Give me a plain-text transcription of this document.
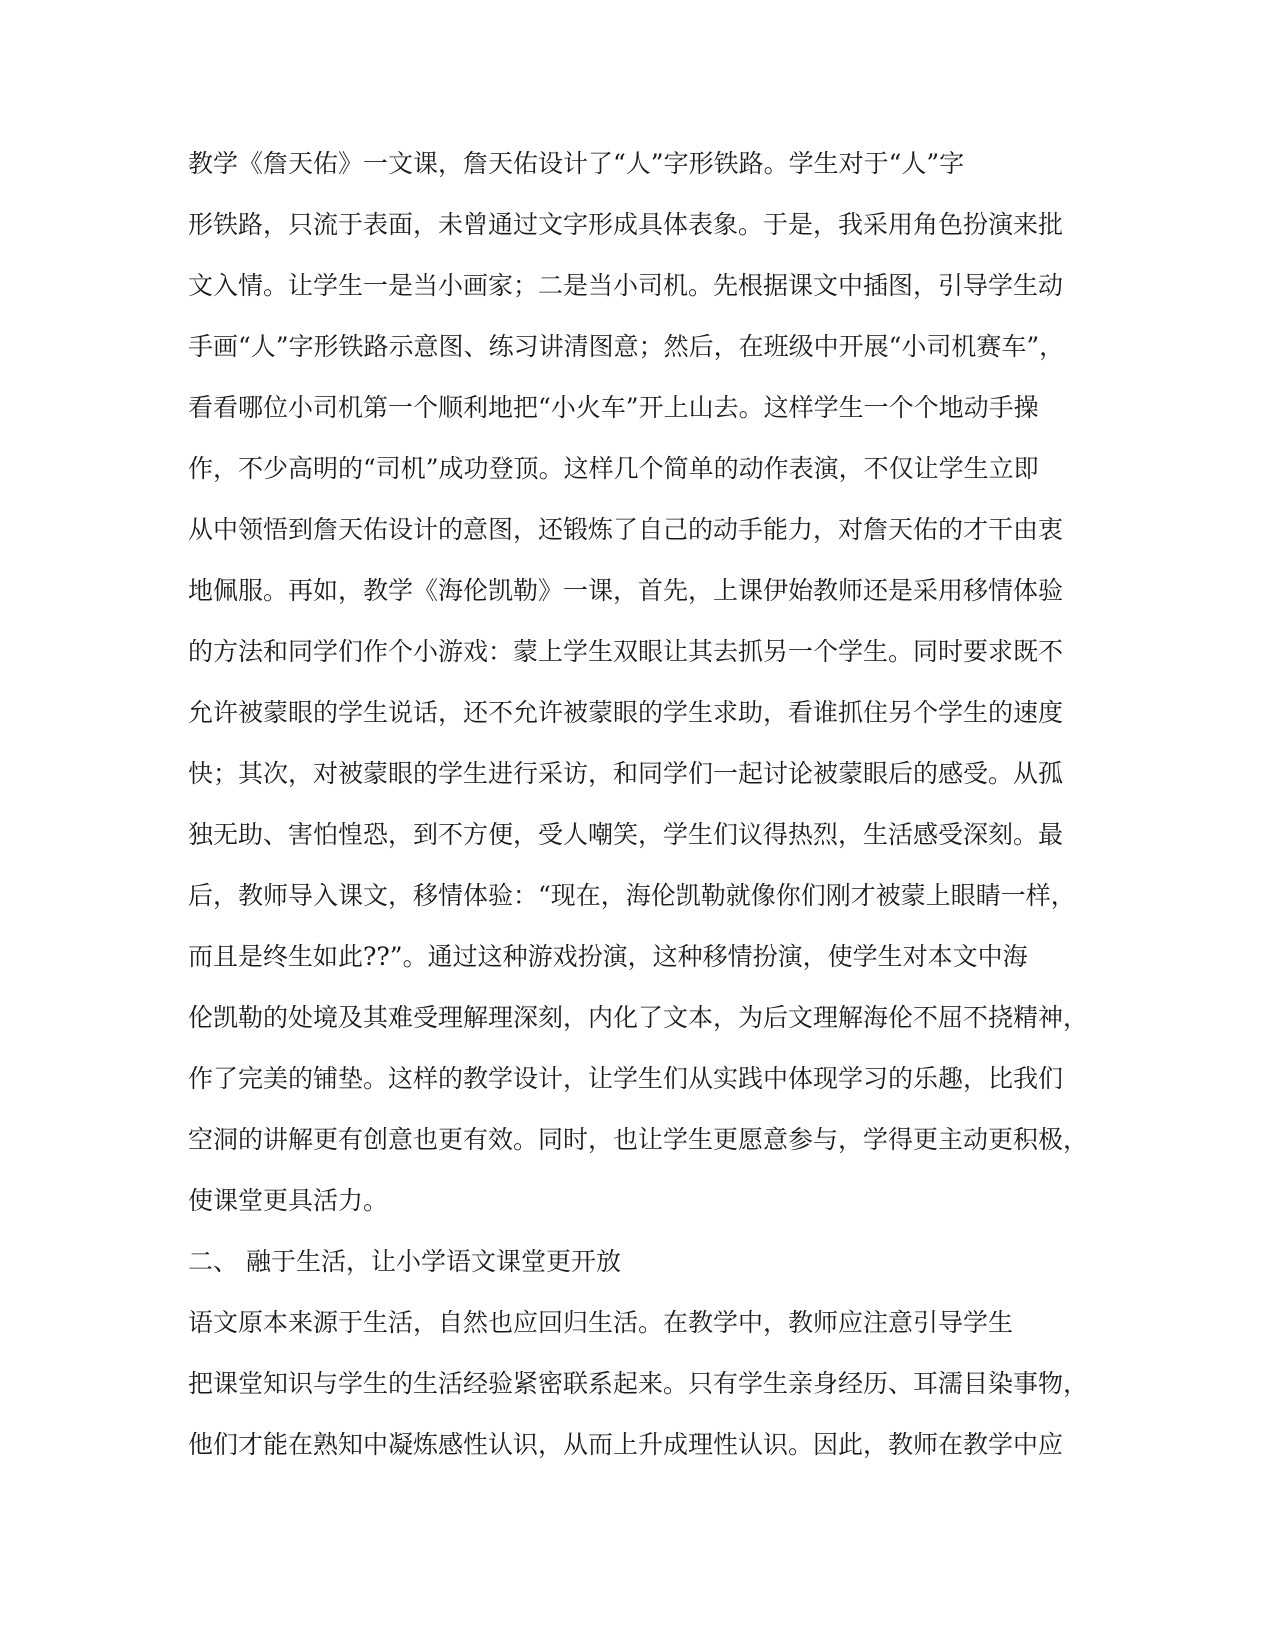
教学《詹天佑》一文课，詹天佑设计了“人”字形铁路。学生对于“人”字
形铁路，只流于表面，未曾通过文字形成具体表象。于是，我采用角色扮演来批
文入情。让学生一是当小画家；二是当小司机。先根据课文中插图，引导学生动
手画“人”字形铁路示意图、练习讲清图意；然后，在班级中开展“小司机赛车”，
看看哪位小司机第一个顺利地把“小火车”开上山去。这样学生一个个地动手操
作，不少高明的“司机”成功登顶。这样几个简单的动作表演，不仅让学生立即
从中领悟到詹天佑设计的意图，还锻炼了自己的动手能力，对詹天佑的才干由衷
地佩服。再如，教学《海伦凯勒》一课，首先，上课伊始教师还是采用移情体验
的方法和同学们作个小游戏：蒙上学生双眼让其去抓另一个学生。同时要求既不
允许被蒙眼的学生说话，还不允许被蒙眼的学生求助，看谁抓住另个学生的速度
快；其次，对被蒙眼的学生进行采访，和同学们一起讨论被蒙眼后的感受。从孤
独无助、害怕惶恐，到不方便，受人嘲笑，学生们议得热烈，生活感受深刻。最
后，教师导入课文，移情体验：“现在，海伦凯勒就像你们刚才被蒙上眼睛一样，
而且是终生如此??”。通过这种游戏扮演，这种移情扮演，使学生对本文中海
伦凯勒的处境及其难受理解理深刻，内化了文本，为后文理解海伦不屈不挠精神，
作了完美的铺垫。这样的教学设计，让学生们从实践中体现学习的乐趣，比我们
空洞的讲解更有创意也更有效。同时，也让学生更愿意参与，学得更主动更积极，
使课堂更具活力。
二、 融于生活，让小学语文课堂更开放
语文原本来源于生活，自然也应回归生活。在教学中，教师应注意引导学生
把课堂知识与学生的生活经验紧密联系起来。只有学生亲身经历、耳濡目染事物，
他们才能在熟知中凝炼感性认识，从而上升成理性认识。因此，教师在教学中应
